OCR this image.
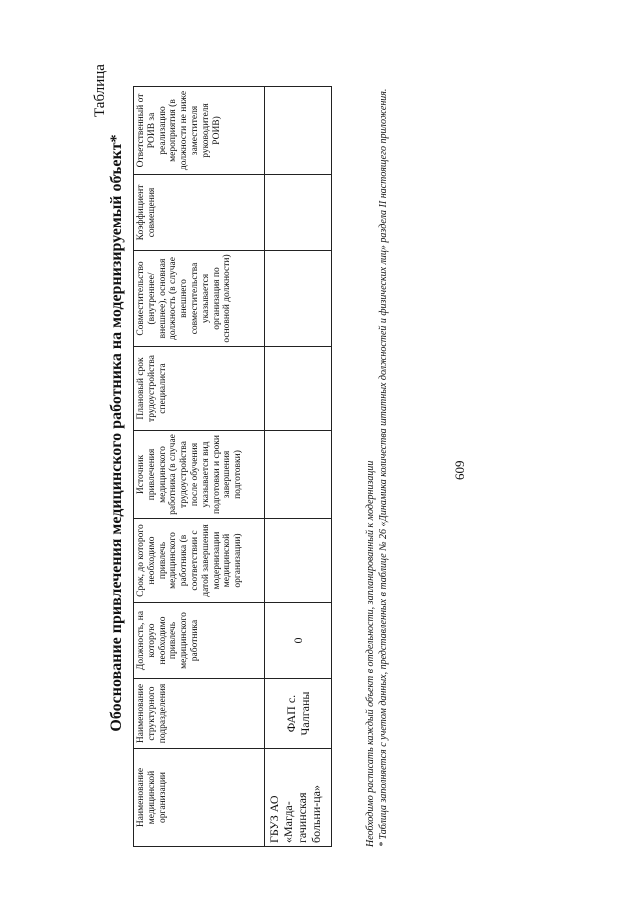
609
Таблица
Обоснование привлечения медицинского работника на модернизируемый объект*
Наименование медицинской организации	Наименование структурного подразделения	Должность, на которую необходимо привлечь медицинского работника	Срок, до которого необходимо привлечь медицинского работника (в соответствии с датой завершения модернизации медицинской организации)	Источник привлечения медицинского работника (в случае трудоустройства после обучения указывается вид подготовки и сроки завершения подготовки)	Плановый срок трудоустройства специалиста	Совместительство (внутреннее/ внешнее), основная должность (в случае внешнего совместительства указывается организация по основной должности)	Коэффициент совмещения	Ответственный от РОИВ за реализацию мероприятия (в должности не ниже заместителя руководителя РОИВ)
ГБУЗ АО «Магда-гачинская больни-ца»	ФАП с. Чалганы	0							Необходимо расписать каждый объект в отдельности, запланированный к модернизации * Таблица заполняется с учетом данных, представленных в таблице № 26 «Динамика количества штатных должностей и физических лиц» раздела II настоящего приложения.
